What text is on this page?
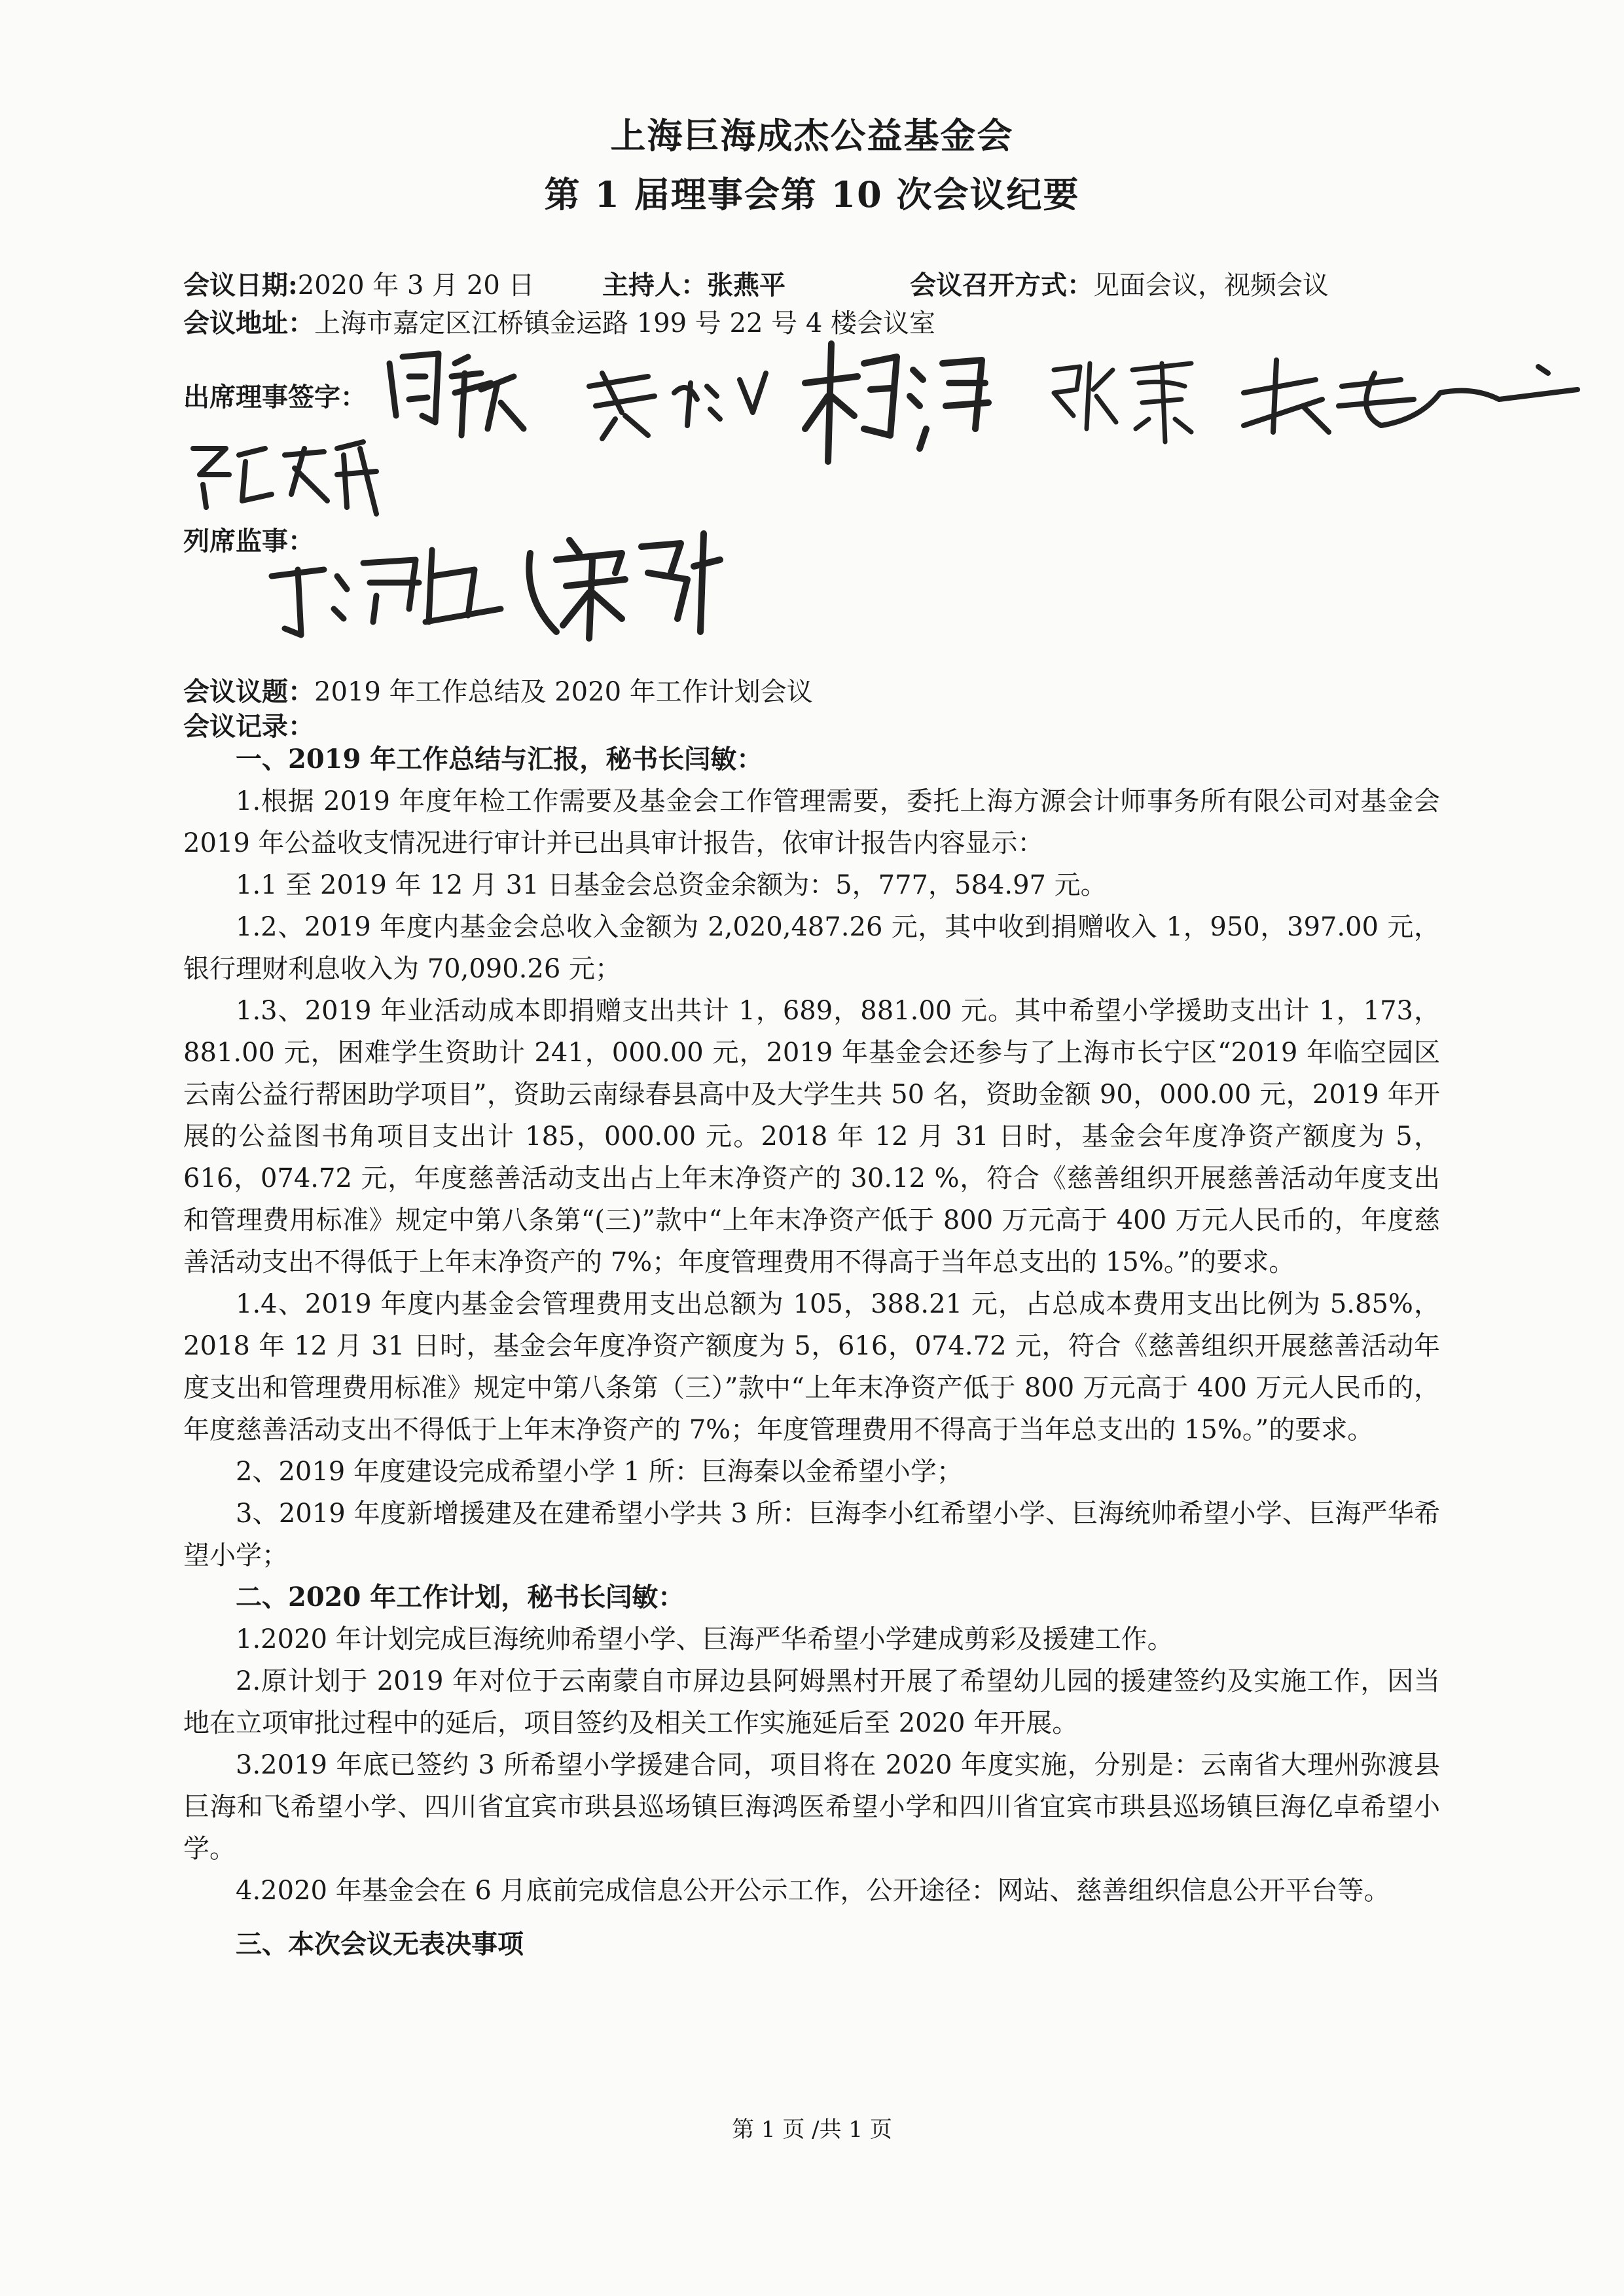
上海巨海成杰公益基金会
第 1 届理事会第 10 次会议纪要
会议日期:2020 年 3 月 20 日	主持人：张燕平	会议召开方式：见面会议，视频会议
会议地址：上海市嘉定区江桥镇金运路 199 号 22 号 4 楼会议室
出席理事签字：
列席监事：
会议议题：2019 年工作总结及 2020 年工作计划会议
会议记录：

一、2019 年工作总结与汇报，秘书长闫敏：

1.根据 2019 年度年检工作需要及基金会工作管理需要，委托上海方源会计师事务所有限公司对基金会 2019 年公益收支情况进行审计并已出具审计报告，依审计报告内容显示：

1.1 至 2019 年 12 月 31 日基金会总资金余额为：5，777，584.97 元。

1.2、2019 年度内基金会总收入金额为 2,020,487.26 元，其中收到捐赠收入 1，950，397.00 元，银行理财利息收入为 70,090.26 元；

1.3、2019 年业活动成本即捐赠支出共计 1，689，881.00 元。其中希望小学援助支出计 1，173，881.00 元，困难学生资助计 241，000.00 元，2019 年基金会还参与了上海市长宁区“2019 年临空园区云南公益行帮困助学项目”，资助云南绿春县高中及大学生共 50 名，资助金额 90，000.00 元，2019 年开展的公益图书角项目支出计 185，000.00 元。2018 年 12 月 31 日时，基金会年度净资产额度为 5，616，074.72 元，年度慈善活动支出占上年末净资产的 30.12 %，符合《慈善组织开展慈善活动年度支出和管理费用标准》规定中第八条第“(三)”款中“上年末净资产低于 800 万元高于 400 万元人民币的，年度慈善活动支出不得低于上年末净资产的 7%；年度管理费用不得高于当年总支出的 15%。”的要求。

1.4、2019 年度内基金会管理费用支出总额为 105，388.21 元，占总成本费用支出比例为 5.85%，2018 年 12 月 31 日时，基金会年度净资产额度为 5，616，074.72 元，符合《慈善组织开展慈善活动年度支出和管理费用标准》规定中第八条第（三）”款中“上年末净资产低于 800 万元高于 400 万元人民币的，年度慈善活动支出不得低于上年末净资产的 7%；年度管理费用不得高于当年总支出的 15%。”的要求。

2、2019 年度建设完成希望小学 1 所：巨海秦以金希望小学；

3、2019 年度新增援建及在建希望小学共 3 所：巨海李小红希望小学、巨海统帅希望小学、巨海严华希望小学；

二、2020 年工作计划，秘书长闫敏：

1.2020 年计划完成巨海统帅希望小学、巨海严华希望小学建成剪彩及援建工作。

2.原计划于 2019 年对位于云南蒙自市屏边县阿姆黑村开展了希望幼儿园的援建签约及实施工作，因当地在立项审批过程中的延后，项目签约及相关工作实施延后至 2020 年开展。

3.2019 年底已签约 3 所希望小学援建合同，项目将在 2020 年度实施，分别是：云南省大理州弥渡县巨海和飞希望小学、四川省宜宾市珙县巡场镇巨海鸿医希望小学和四川省宜宾市珙县巡场镇巨海亿卓希望小学。

4.2020 年基金会在 6 月底前完成信息公开公示工作，公开途径：网站、慈善组织信息公开平台等。

三、本次会议无表决事项

第 1 页 /共 1 页
